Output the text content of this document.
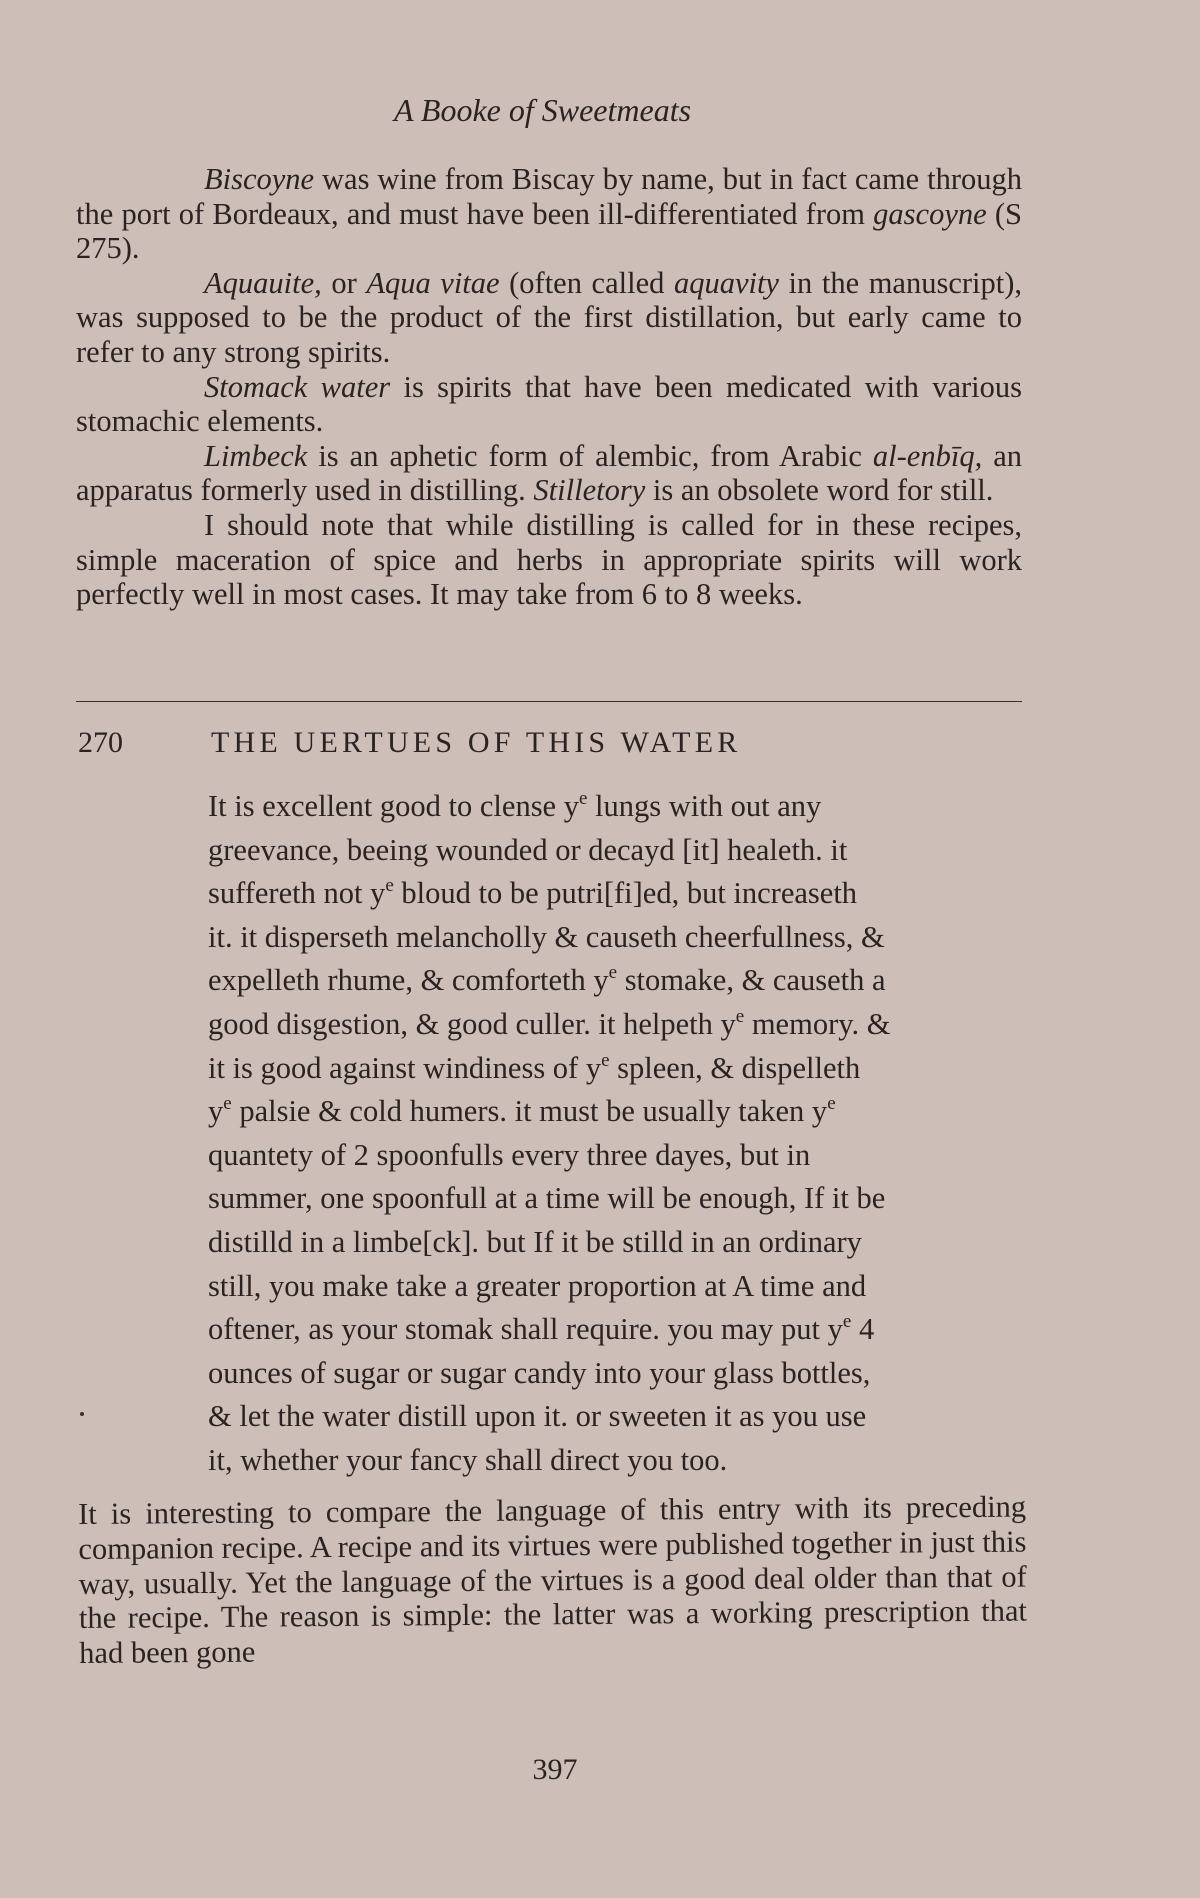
A Booke of Sweetmeats

Biscoyne was wine from Biscay by name, but in fact came through the port of Bordeaux, and must have been ill-differentiated from gascoyne (S 275).

Aquauite, or Aqua vitae (often called aquavity in the manuscript), was supposed to be the product of the first distillation, but early came to refer to any strong spirits.

Stomack water is spirits that have been medicated with various stomachic elements.

Limbeck is an aphetic form of alembic, from Arabic al-enbīq, an apparatus formerly used in distilling. Stilletory is an obsolete word for still.

I should note that while distilling is called for in these recipes, simple maceration of spice and herbs in appropriate spirits will work perfectly well in most cases. It may take from 6 to 8 weeks.

270	THE UERTUES OF THIS WATER
It is excellent good to clense $y^e$ lungs with out any
greevance, beeing wounded or decayd [it] healeth. it
suffereth not $y^e$ bloud to be putri[fi]ed, but increaseth
it. it disperseth melancholly & causeth cheerfullness, &
expelleth rhume, & comforteth $y^e$ stomake, & causeth a
good disgestion, & good culler. it helpeth $y^e$ memory. &
it is good against windiness of $y^e$ spleen, & dispelleth
$y^e$ palsie & cold humers. it must be usually taken $y^e$
quantety of 2 spoonfulls every three dayes, but in
summer, one spoonfull at a time will be enough, If it be
distilld in a limbe[ck]. but If it be stilld in an ordinary
still, you make take a greater proportion at A time and
oftener, as your stomak shall require. you may put $y^e$ 4
ounces of sugar or sugar candy into your glass bottles,
& let the water distill upon it. or sweeten it as you use
it, whether your fancy shall direct you too.

It is interesting to compare the language of this entry with its preceding companion recipe. A recipe and its virtues were published together in just this way, usually. Yet the language of the virtues is a good deal older than that of the recipe. The reason is simple: the latter was a working prescription that had been gone

397
